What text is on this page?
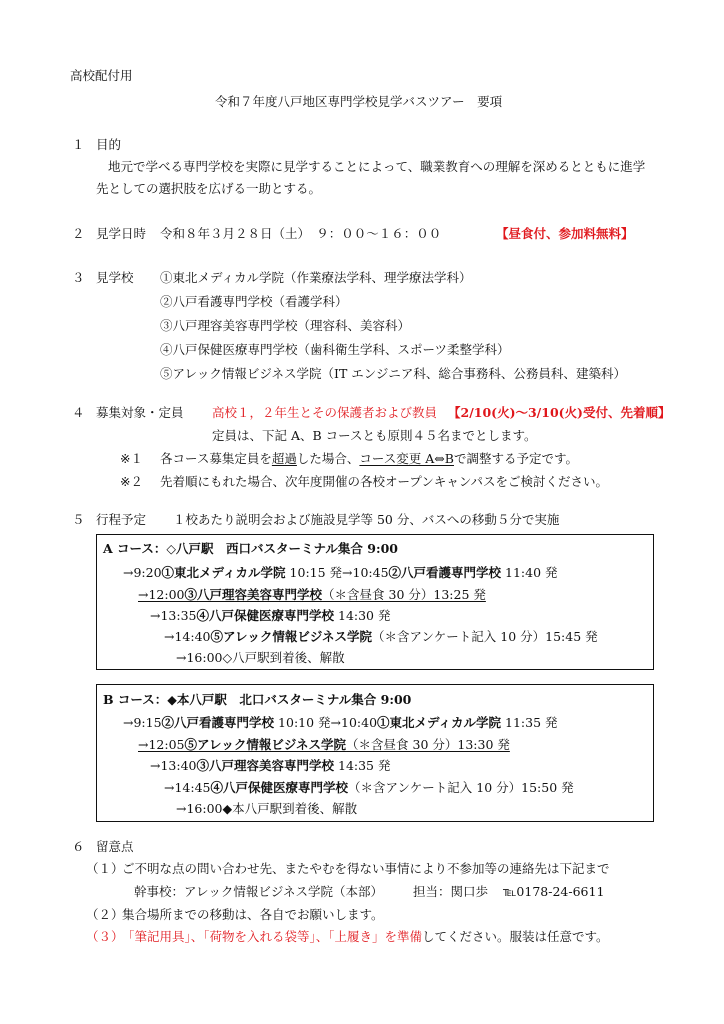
高校配付用
令和７年度八戸地区専門学校見学バスツアー　要項
１ 目的
地元で学べる専門学校を実際に見学することによって、職業教育への理解を深めるとともに進学
先としての選択肢を広げる一助とする。
２ 見学日時 令和８年３月２８日（土）　９：００～１６：００	【昼食付、参加料無料】
３ 見学校 ①東北メディカル学院（作業療法学科、理学療法学科）
②八戸看護専門学校（看護学科）
③八戸理容美容専門学校（理容科、美容科）
④八戸保健医療専門学校（歯科衛生学科、スポーツ柔整学科）
⑤アレック情報ビジネス学院（IT エンジニア科、総合事務科、公務員科、建築科）
４ 募集対象・定員 高校１，２年生とその保護者および教員 【2/10(火)～3/10(火)受付、先着順】
定員は、下記 A、B コースとも原則４５名までとします。
※１ 各コース募集定員を超過した場合、コース変更 A⇔Bで調整する予定です。
※２ 先着順にもれた場合、次年度開催の各校オープンキャンパスをご検討ください。
５ 行程予定 １校あたり説明会および施設見学等 50 分、バスへの移動５分で実施
A コース：◇八戸駅　西口バスターミナル集合 9:00
→9:20①東北メディカル学院 10:15 発→10:45②八戸看護専門学校 11:40 発
→12:00③八戸理容美容専門学校（＊含昼食 30 分）13:25 発
→13:35④八戸保健医療専門学校 14:30 発
→14:40⑤アレック情報ビジネス学院（＊含アンケート記入 10 分）15:45 発
→16:00◇八戸駅到着後、解散
B コース：◆本八戸駅　北口バスターミナル集合 9:00
→9:15②八戸看護専門学校 10:10 発→10:40①東北メディカル学院 11:35 発
→12:05⑤アレック情報ビジネス学院（＊含昼食 30 分）13:30 発
→13:40③八戸理容美容専門学校 14:35 発
→14:45④八戸保健医療専門学校（＊含アンケート記入 10 分）15:50 発
→16:00◆本八戸駅到着後、解散
６ 留意点
（１）
ご不明な点の問い合わせ先、またやむを得ない事情により不参加等の連絡先は下記まで
幹事校：アレック情報ビジネス学院（本部） 担当：関口歩 ℡0178-24-6611
（２）
集合場所までの移動は、各自でお願いします。
（３）
「筆記用具」、「荷物を入れる袋等」、「上履き」を準備してください。服装は任意です。
